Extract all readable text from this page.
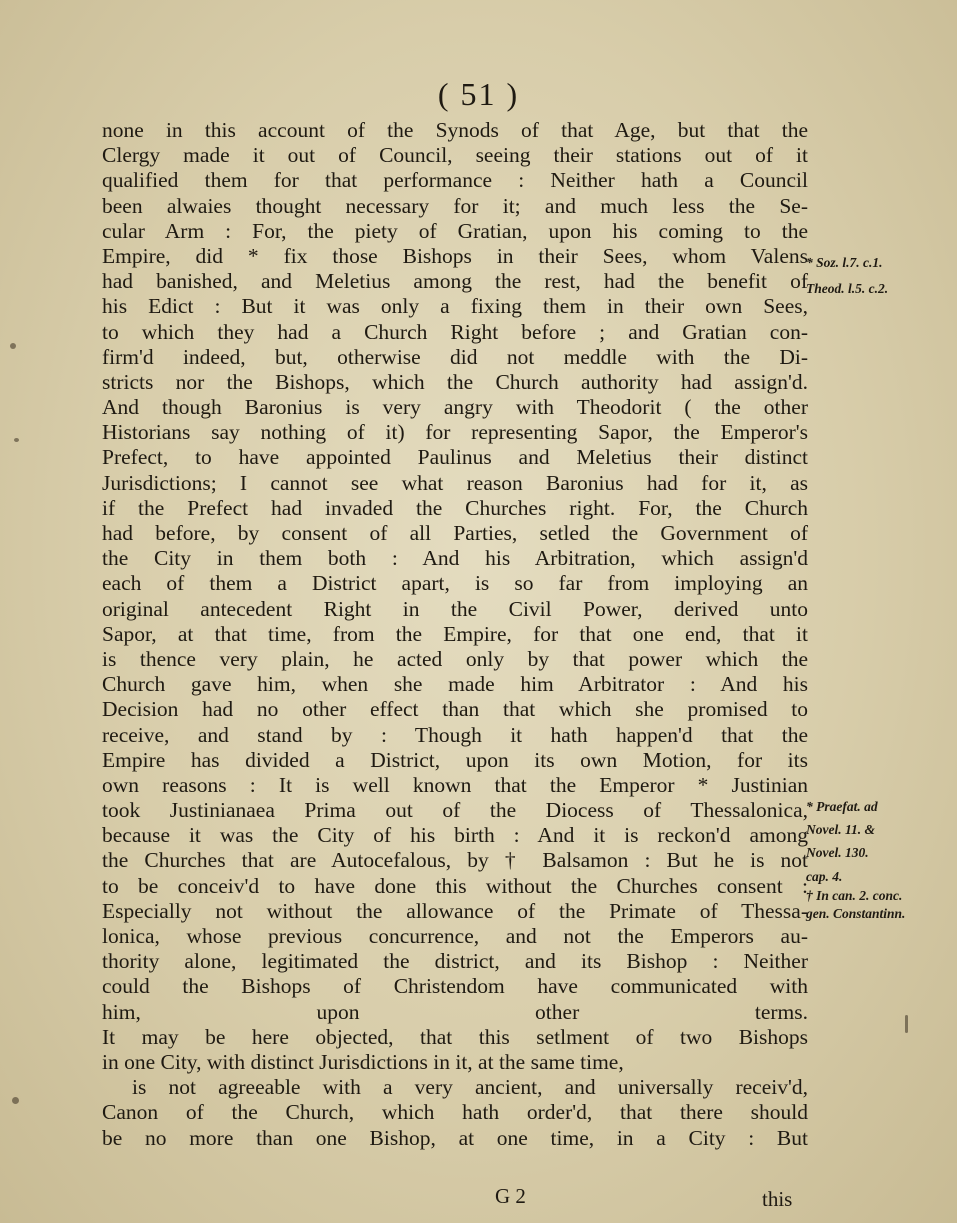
( 51 )
none in this account of the Synods of that Age, but that the
Clergy made it out of Council, seeing their stations out of it
qualified them for that performance : Neither hath a Council
been alwaies thought necessary for it; and much less the Se-
cular Arm : For, the piety of Gratian, upon his coming to the
Empire, did * fix those Bishops in their Sees, whom Valens
had banished, and Meletius among the rest, had the benefit of
his Edict : But it was only a fixing them in their own Sees,
to which they had a Church Right before ; and Gratian con-
firm'd indeed, but, otherwise did not meddle with the Di-
stricts nor the Bishops, which the Church authority had assign'd.
And though Baronius is very angry with Theodorit ( the other
Historians say nothing of it) for representing Sapor, the Emperor's
Prefect, to have appointed Paulinus and Meletius their distinct
Jurisdictions; I cannot see what reason Baronius had for it, as
if the Prefect had invaded the Churches right. For, the Church
had before, by consent of all Parties, setled the Government of
the City in them both : And his Arbitration, which assign'd
each of them a District apart, is so far from imploying an
original antecedent Right in the Civil Power, derived unto
Sapor, at that time, from the Empire, for that one end, that it
is thence very plain, he acted only by that power which the
Church gave him, when she made him Arbitrator : And his
Decision had no other effect than that which she promised to
receive, and stand by : Though it hath happen'd that the
Empire has divided a District, upon its own Motion, for its
own reasons : It is well known that the Emperor * Justinian
took Justinianaea Prima out of the Diocess of Thessalonica,
because it was the City of his birth : And it is reckon'd among
the Churches that are Autocefalous, by † Balsamon : But he is not
to be conceiv'd to have done this without the Churches consent :
Especially not without the allowance of the Primate of Thessa-
lonica, whose previous concurrence, and not the Emperors au-
thority alone, legitimated the district, and its Bishop : Neither
could the Bishops of Christendom have communicated with
him, upon other terms.
It may be here objected, that this setlment of two Bishops
in one City, with distinct Jurisdictions in it, at the same time,
is not agreeable with a very ancient, and universally receiv'd,
Canon of the Church, which hath order'd, that there should
be no more than one Bishop, at one time, in a City : But
* Soz. l.7. c.1.
Theod. l.5. c.2.
* Praefat. ad
Novel. 11. &
Novel. 130.
cap. 4.
† In can. 2. conc.
gen. Constantinn.
G 2	this
